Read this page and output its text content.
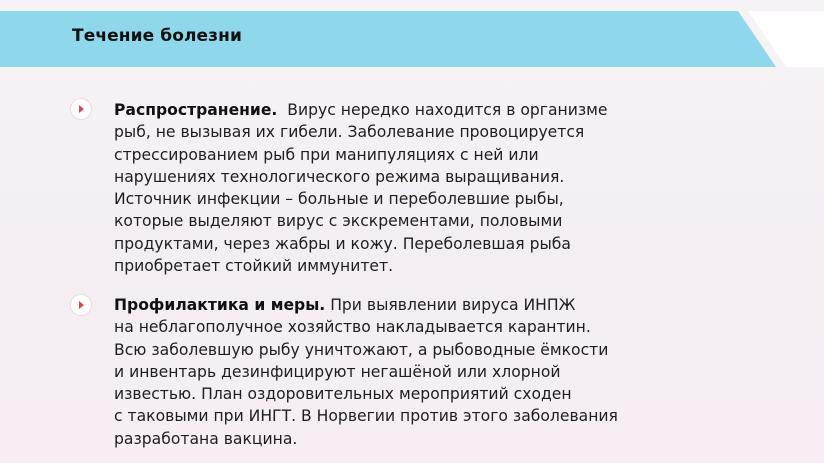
Течение болезни
Распространение. Вирус нередко находится в организме
рыб, не вызывая их гибели. Заболевание провоцируется
стрессированием рыб при манипуляциях с ней или
нарушениях технологического режима выращивания.
Источник инфекции – больные и переболевшие рыбы,
которые выделяют вирус с экскрементами, половыми
продуктами, через жабры и кожу. Переболевшая рыба
приобретает стойкий иммунитет.
Профилактика и меры. При выявлении вируса ИНПЖ
на неблагополучное хозяйство накладывается карантин.
Всю заболевшую рыбу уничтожают, а рыбоводные ёмкости
и инвентарь дезинфицируют негашёной или хлорной
известью. План оздоровительных мероприятий сходен
с таковыми при ИНГТ. В Норвегии против этого заболевания
разработана вакцина.
